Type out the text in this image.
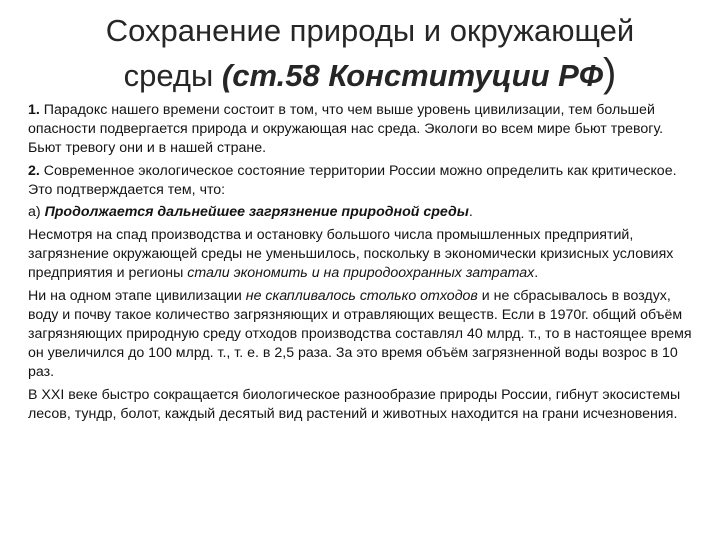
Сохранение природы и окружающей
среды (ст.58 Конституции РФ)

1. Парадокс нашего времени состоит в том, что чем выше уровень цивилизации, тем большей опасности подвергается природа и окружающая нас среда. Экологи во всем мире бьют тревогу. Бьют тревогу они и в нашей стране.

2. Современное экологическое состояние территории России можно определить как критическое. Это подтверждается тем, что:

а) Продолжается дальнейшее загрязнение природной среды.

Несмотря на спад производства и остановку большого числа промышленных предприятий, загрязнение окружающей среды не уменьшилось, поскольку в экономически кризисных условиях предприятия и регионы стали экономить и на природоохранных затратах.

Ни на одном этапе цивилизации не скапливалось столько отходов и не сбрасывалось в воздух, воду и почву такое количество загрязняющих и отравляющих веществ. Если в 1970г. общий объём загрязняющих природную среду отходов производства составлял 40 млрд. т., то в настоящее время он увеличился до 100 млрд. т., т. е. в 2,5 раза. За это время объём загрязненной воды возрос в 10 раз.

В XXI веке быстро сокращается биологическое разнообразие природы России, гибнут экосистемы лесов, тундр, болот, каждый десятый вид растений и животных находится на грани исчезновения.
